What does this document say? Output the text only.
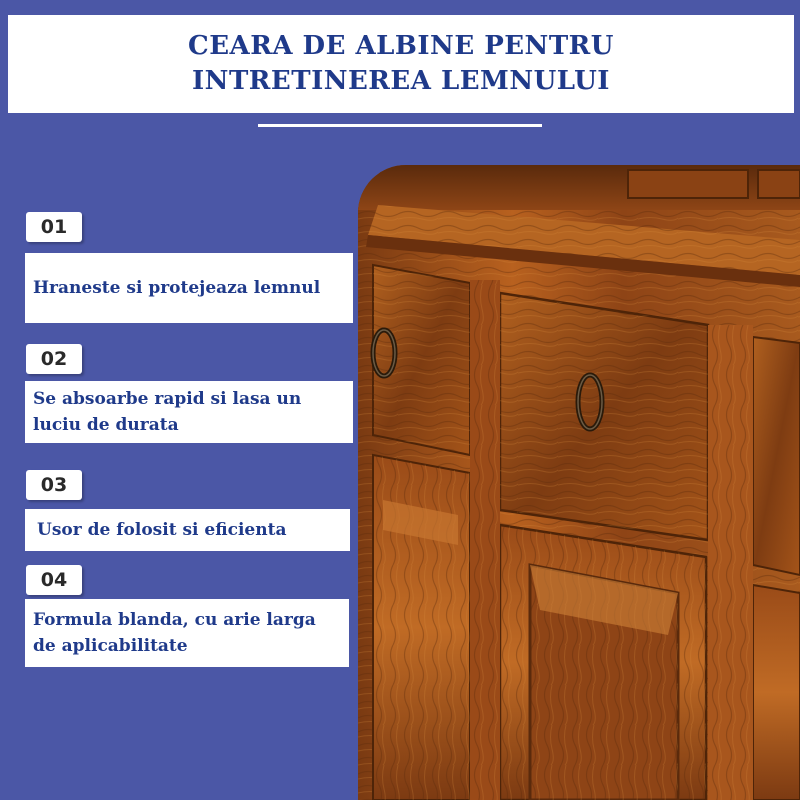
CEARA DE ALBINE PENTRU
INTRETINEREA LEMNULUI
01
Hraneste si protejeaza lemnul
02
Se absoarbe rapid si lasa un luciu de durata
03
Usor de folosit si eficienta
04
Formula blanda, cu arie larga de aplicabilitate
